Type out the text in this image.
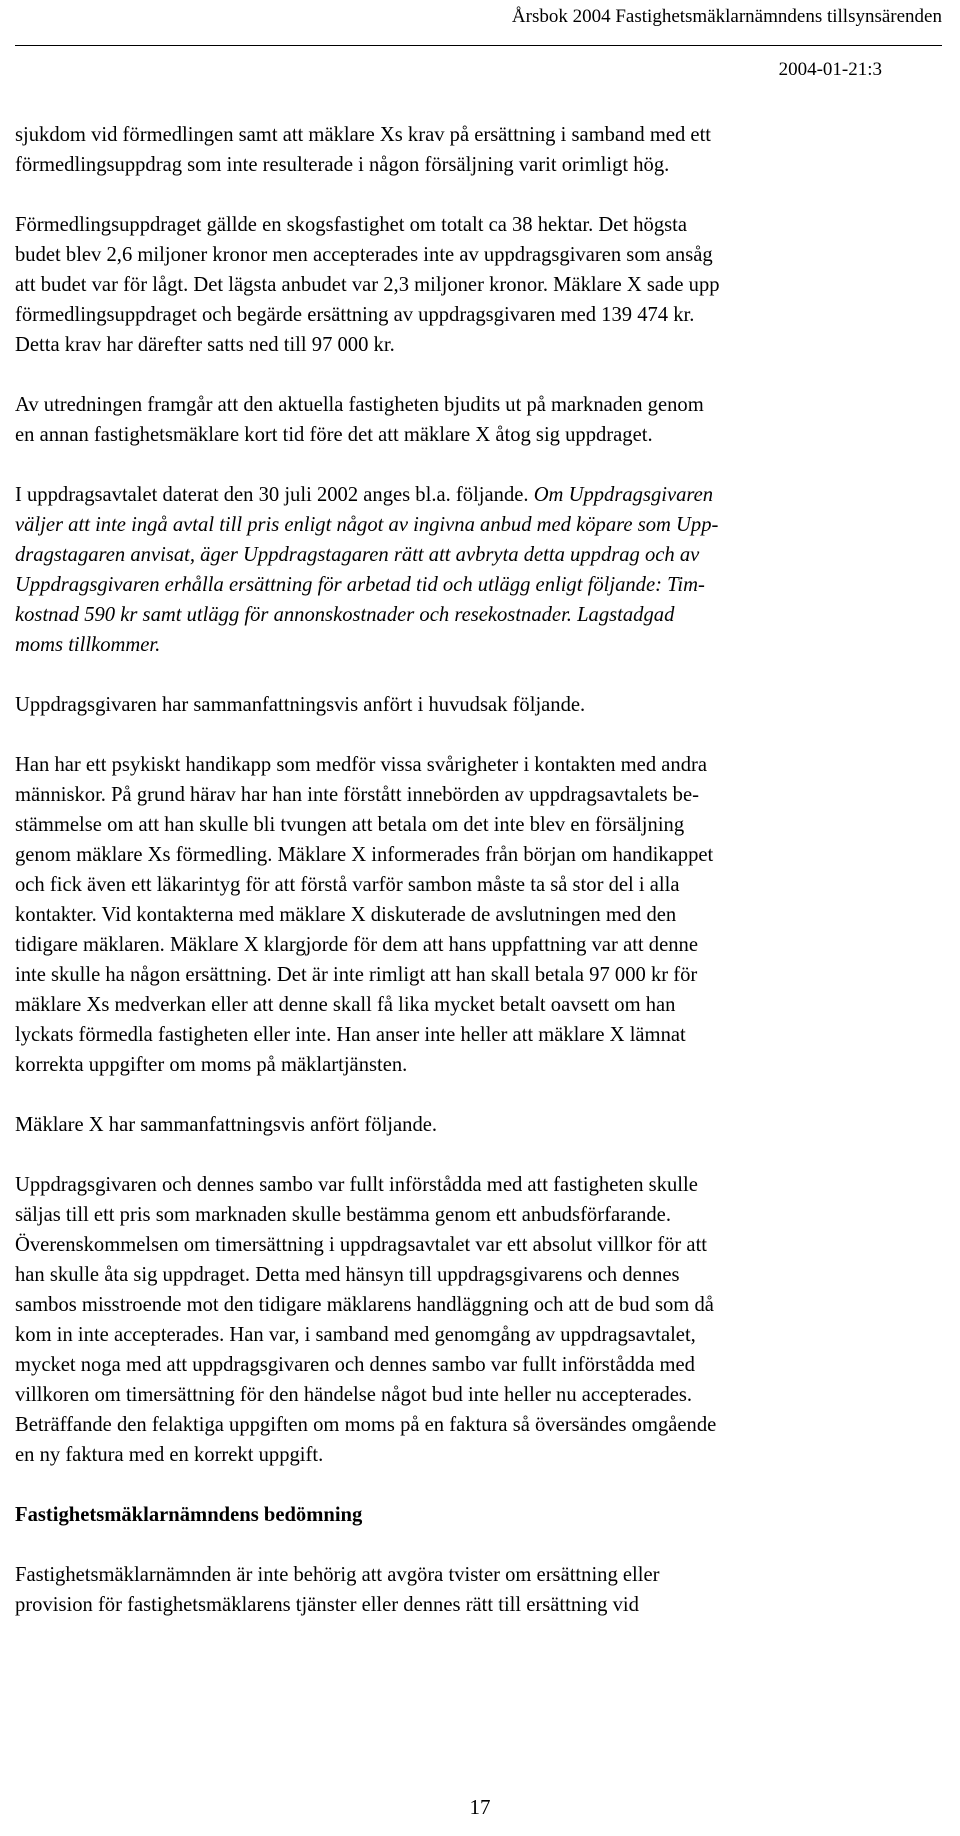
Årsbok 2004 Fastighetsmäklarnämndens tillsynsärenden
2004-01-21:3

sjukdom vid förmedlingen samt att mäklare Xs krav på ersättning i samband med ett
förmedlingsuppdrag som inte resulterade i någon försäljning varit orimligt hög.

Förmedlingsuppdraget gällde en skogsfastighet om totalt ca 38 hektar. Det högsta
budet blev 2,6 miljoner kronor men accepterades inte av uppdragsgivaren som ansåg
att budet var för lågt. Det lägsta anbudet var 2,3 miljoner kronor. Mäklare X sade upp
förmedlingsuppdraget och begärde ersättning av uppdragsgivaren med 139 474 kr.
Detta krav har därefter satts ned till 97 000 kr.

Av utredningen framgår att den aktuella fastigheten bjudits ut på marknaden genom
en annan fastighetsmäklare kort tid före det att mäklare X åtog sig uppdraget.

I uppdragsavtalet daterat den 30 juli 2002 anges bl.a. följande. Om Uppdragsgivaren
väljer att inte ingå avtal till pris enligt något av ingivna anbud med köpare som Upp-
dragstagaren anvisat, äger Uppdragstagaren rätt att avbryta detta uppdrag och av
Uppdragsgivaren erhålla ersättning för arbetad tid och utlägg enligt följande: Tim-
kostnad 590 kr samt utlägg för annonskostnader och resekostnader. Lagstadgad
moms tillkommer.

Uppdragsgivaren har sammanfattningsvis anfört i huvudsak följande.

Han har ett psykiskt handikapp som medför vissa svårigheter i kontakten med andra
människor. På grund härav har han inte förstått innebörden av uppdragsavtalets be-
stämmelse om att han skulle bli tvungen att betala om det inte blev en försäljning
genom mäklare Xs förmedling. Mäklare X informerades från början om handikappet
och fick även ett läkarintyg för att förstå varför sambon måste ta så stor del i alla
kontakter. Vid kontakterna med mäklare X diskuterade de avslutningen med den
tidigare mäklaren. Mäklare X klargjorde för dem att hans uppfattning var att denne
inte skulle ha någon ersättning. Det är inte rimligt att han skall betala 97 000 kr för
mäklare Xs medverkan eller att denne skall få lika mycket betalt oavsett om han
lyckats förmedla fastigheten eller inte. Han anser inte heller att mäklare X lämnat
korrekta uppgifter om moms på mäklartjänsten.

Mäklare X har sammanfattningsvis anfört följande.

Uppdragsgivaren och dennes sambo var fullt införstådda med att fastigheten skulle
säljas till ett pris som marknaden skulle bestämma genom ett anbudsförfarande.
Överenskommelsen om timersättning i uppdragsavtalet var ett absolut villkor för att
han skulle åta sig uppdraget. Detta med hänsyn till uppdragsgivarens och dennes
sambos misstroende mot den tidigare mäklarens handläggning och att de bud som då
kom in inte accepterades. Han var, i samband med genomgång av uppdragsavtalet,
mycket noga med att uppdragsgivaren och dennes sambo var fullt införstådda med
villkoren om timersättning för den händelse något bud inte heller nu accepterades.
Beträffande den felaktiga uppgiften om moms på en faktura så översändes omgående
en ny faktura med en korrekt uppgift.

Fastighetsmäklarnämndens bedömning

Fastighetsmäklarnämnden är inte behörig att avgöra tvister om ersättning eller
provision för fastighetsmäklarens tjänster eller dennes rätt till ersättning vid

17
